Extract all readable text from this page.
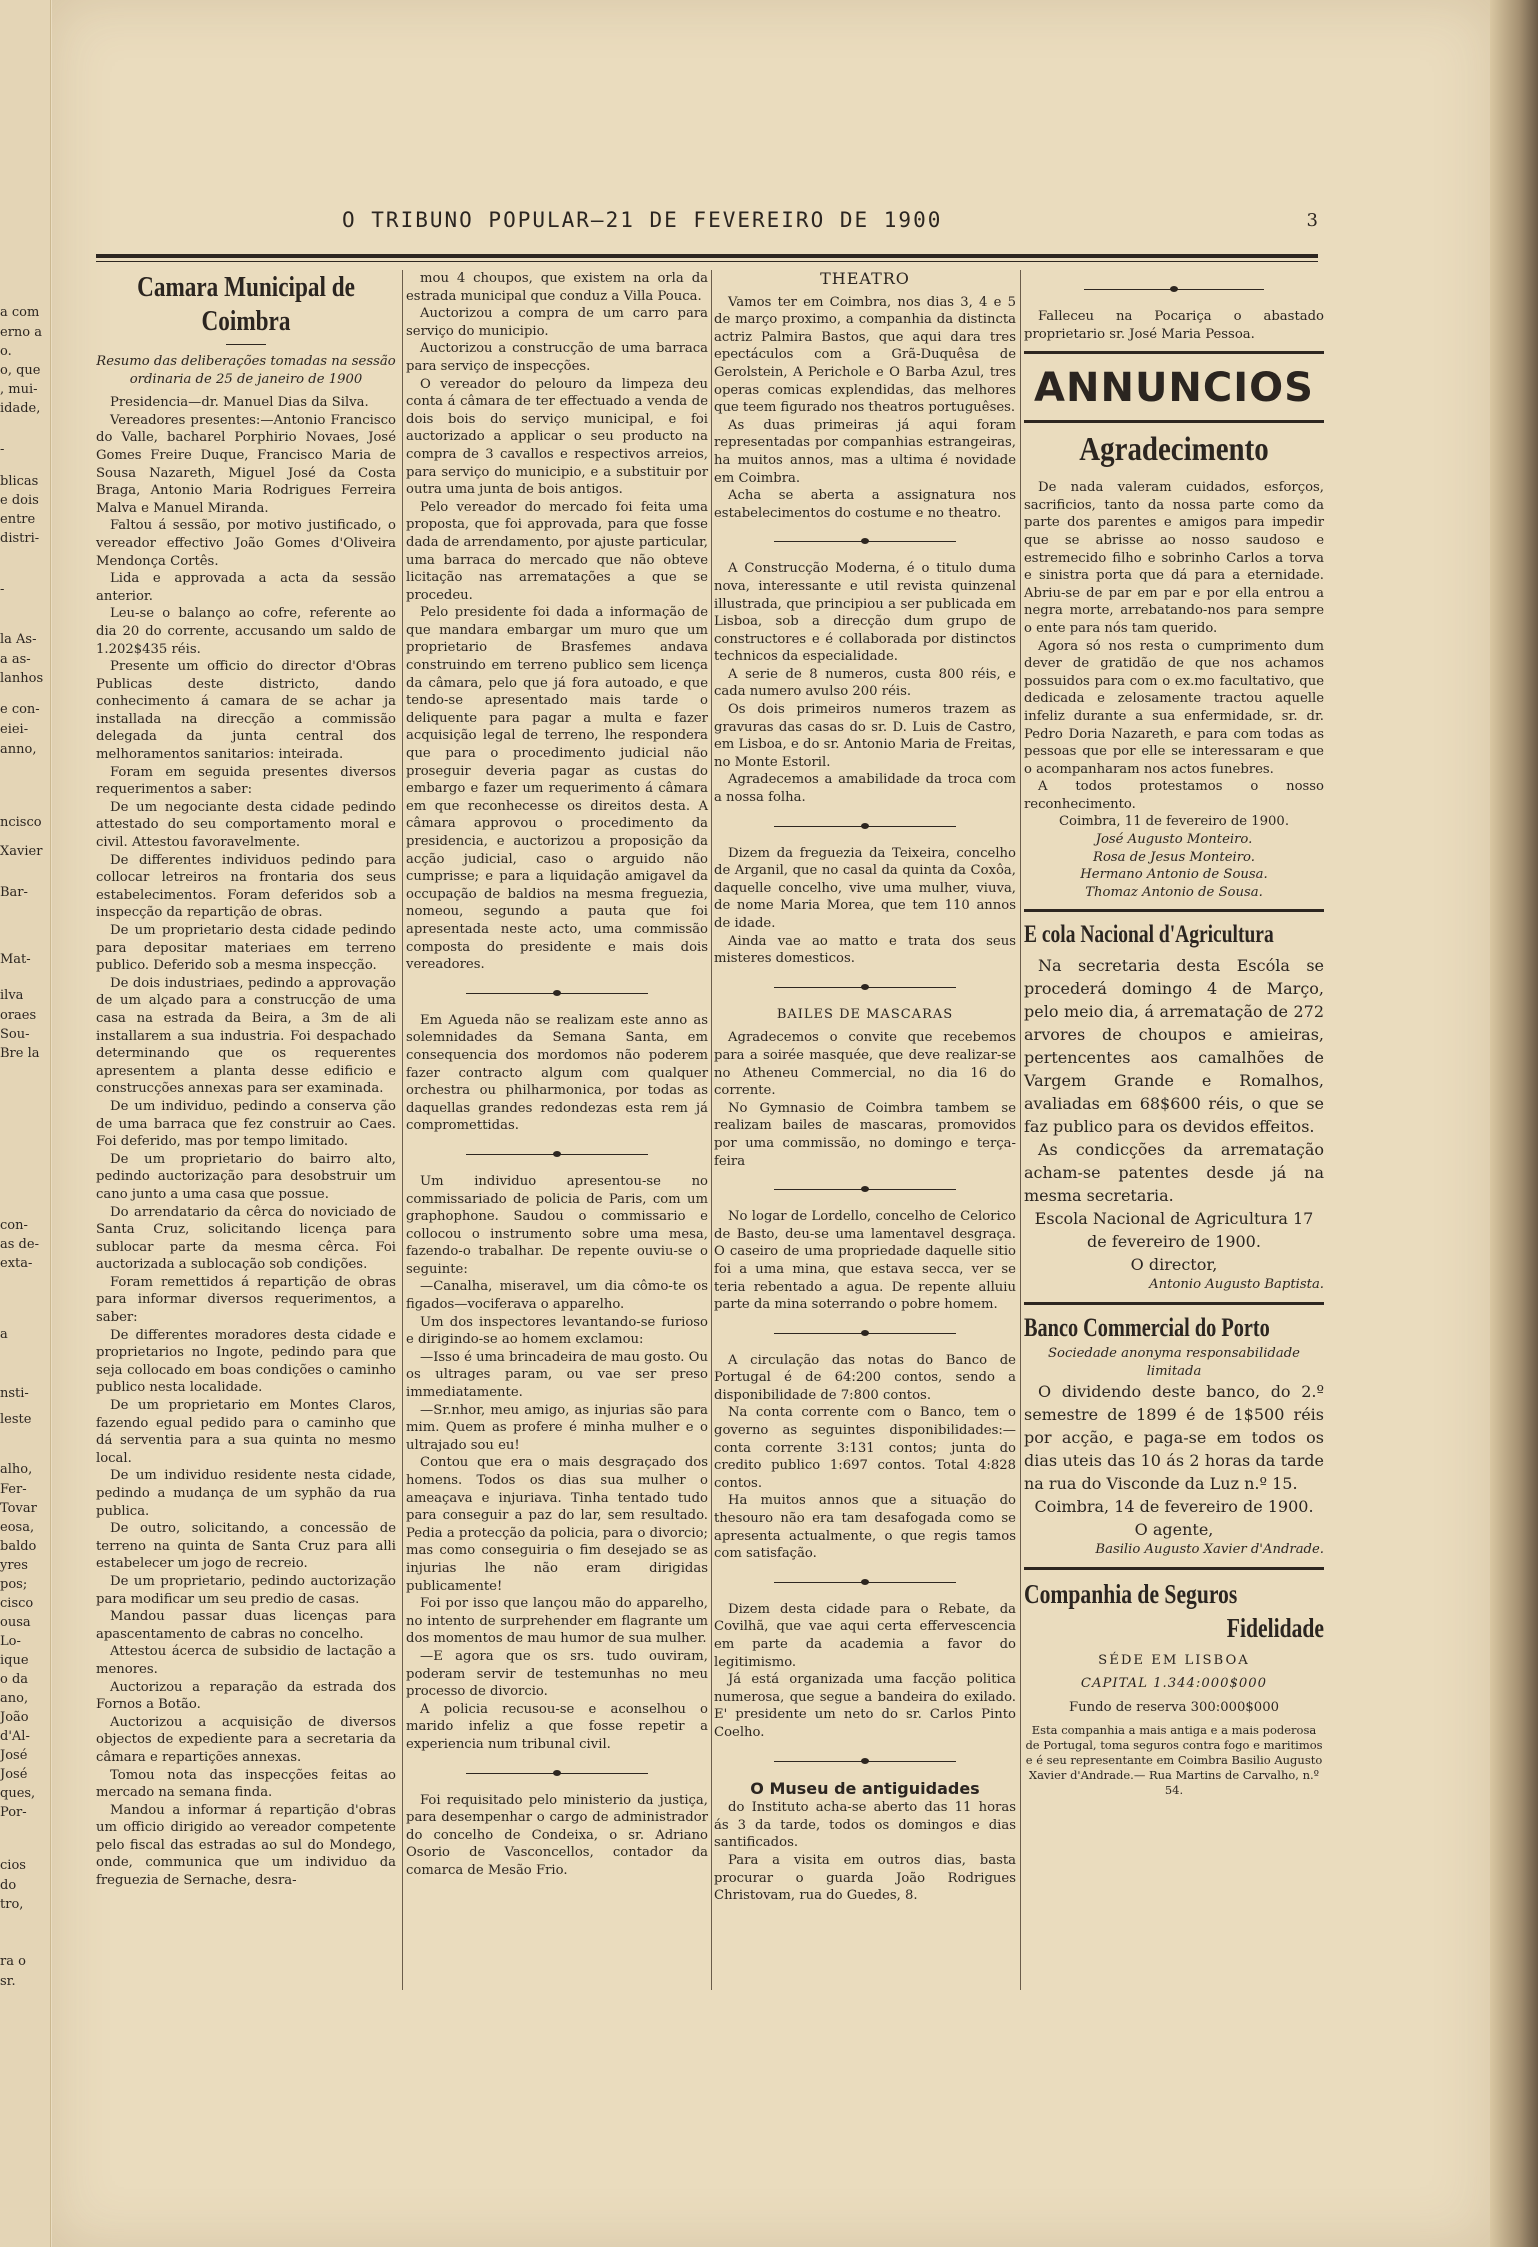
a com
erno a
o.
o, que
, mui-
idade,
-
blicas
e dois
entre
distri-
-
la As-
a as-
lanhos
e con-
eiei-
anno,
ncisco
Xavier
Bar-
Mat-
ilva
oraes
Sou-
Bre la
con-
as de-
exta-
a
nsti-
leste
alho,
Fer-
Tovar
eosa,
baldo
yres
pos;
cisco
ousa
Lo-
ique
o da
ano,
João
d'Al-
José
José
ques,
Por-
cios
do
tro,
ra o
sr.
O TRIBUNO POPULAR—21 DE FEVEREIRO DE 1900	3
Camara Municipal de Coimbra

Resumo das deliberações tomadas na sessão ordinaria de 25 de janeiro de 1900

Presidencia—dr. Manuel Dias da Silva.

Vereadores presentes:—Antonio Francisco do Valle, bacharel Porphirio Novaes, José Gomes Freire Duque, Francisco Maria de Sousa Nazareth, Miguel José da Costa Braga, Antonio Maria Rodrigues Ferreira Malva e Manuel Miranda.

Faltou á sessão, por motivo justificado, o vereador effectivo João Gomes d'Oliveira Mendonça Cortês.

Lida e approvada a acta da sessão anterior.

Leu-se o balanço ao cofre, referente ao dia 20 do corrente, accusando um saldo de 1.202$435 réis.

Presente um officio do director d'Obras Publicas deste districto, dando conhecimento á camara de se achar ja installada na direcção a commissão delegada da junta central dos melhoramentos sanitarios: inteirada.

Foram em seguida presentes diversos requerimentos a saber:

De um negociante desta cidade pedindo attestado do seu comportamento moral e civil. Attestou favoravelmente.

De differentes individuos pedindo para collocar letreiros na frontaria dos seus estabelecimentos. Foram deferidos sob a inspecção da repartição de obras.

De um proprietario desta cidade pedindo para depositar materiaes em terreno publico. Deferido sob a mesma inspecção.

De dois industriaes, pedindo a approvação de um alçado para a construcção de uma casa na estrada da Beira, a 3m de ali installarem a sua industria. Foi despachado determinando que os requerentes apresentem a planta desse edificio e construcções annexas para ser examinada.

De um individuo, pedindo a conserva ção de uma barraca que fez construir ao Caes. Foi deferido, mas por tempo limitado.

De um proprietario do bairro alto, pedindo auctorização para desobstruir um cano junto a uma casa que possue.

Do arrendatario da cêrca do noviciado de Santa Cruz, solicitando licença para sublocar parte da mesma cêrca. Foi auctorizada a sublocação sob condições.

Foram remettidos á repartição de obras para informar diversos requerimentos, a saber:

De differentes moradores desta cidade e proprietarios no Ingote, pedindo para que seja collocado em boas condições o caminho publico nesta localidade.

De um proprietario em Montes Claros, fazendo egual pedido para o caminho que dá serventia para a sua quinta no mesmo local.

De um individuo residente nesta cidade, pedindo a mudança de um syphão da rua publica.

De outro, solicitando, a concessão de terreno na quinta de Santa Cruz para alli estabelecer um jogo de recreio.

De um proprietario, pedindo auctorização para modificar um seu predio de casas.

Mandou passar duas licenças para apascentamento de cabras no concelho.

Attestou ácerca de subsidio de lactação a menores.

Auctorizou a reparação da estrada dos Fornos a Botão.

Auctorizou a acquisição de diversos objectos de expediente para a secretaria da câmara e repartições annexas.

Tomou nota das inspecções feitas ao mercado na semana finda.

Mandou a informar á repartição d'obras um officio dirigido ao vereador competente pelo fiscal das estradas ao sul do Mondego, onde, communica que um individuo da freguezia de Sernache, desra-

mou 4 choupos, que existem na orla da estrada municipal que conduz a Villa Pouca.

Auctorizou a compra de um carro para serviço do municipio.

Auctorizou a construcção de uma barraca para serviço de inspecções.

O vereador do pelouro da limpeza deu conta á câmara de ter effectuado a venda de dois bois do serviço municipal, e foi auctorizado a applicar o seu producto na compra de 3 cavallos e respectivos arreios, para serviço do municipio, e a substituir por outra uma junta de bois antigos.

Pelo vereador do mercado foi feita uma proposta, que foi approvada, para que fosse dada de arrendamento, por ajuste particular, uma barraca do mercado que não obteve licitação nas arrematações a que se procedeu.

Pelo presidente foi dada a informação de que mandara embargar um muro que um proprietario de Brasfemes andava construindo em terreno publico sem licença da câmara, pelo que já fora autoado, e que tendo-se apresentado mais tarde o deliquente para pagar a multa e fazer acquisição legal de terreno, lhe respondera que para o procedimento judicial não proseguir deveria pagar as custas do embargo e fazer um requerimento á câmara em que reconhecesse os direitos desta. A câmara approvou o procedimento da presidencia, e auctorizou a proposição da acção judicial, caso o arguido não cumprisse; e para a liquidação amigavel da occupação de baldios na mesma freguezia, nomeou, segundo a pauta que foi apresentada neste acto, uma commissão composta do presidente e mais dois vereadores.

Em Agueda não se realizam este anno as solemnidades da Semana Santa, em consequencia dos mordomos não poderem fazer contracto algum com qualquer orchestra ou philharmonica, por todas as daquellas grandes redondezas esta rem já compromettidas.

Um individuo apresentou-se no commissariado de policia de Paris, com um graphophone. Saudou o commissario e collocou o instrumento sobre uma mesa, fazendo-o trabalhar. De repente ouviu-se o seguinte:

—Canalha, miseravel, um dia cômo-te os figados—vociferava o apparelho.

Um dos inspectores levantando-se furioso e dirigindo-se ao homem exclamou:

—Isso é uma brincadeira de mau gosto. Ou os ultrages param, ou vae ser preso immediatamente.

—Sr.nhor, meu amigo, as injurias são para mim. Quem as profere é minha mulher e o ultrajado sou eu!

Contou que era o mais desgraçado dos homens. Todos os dias sua mulher o ameaçava e injuriava. Tinha tentado tudo para conseguir a paz do lar, sem resultado. Pedia a protecção da policia, para o divorcio; mas como conseguiria o fim desejado se as injurias lhe não eram dirigidas publicamente!

Foi por isso que lançou mão do apparelho, no intento de surprehender em flagrante um dos momentos de mau humor de sua mulher.

—E agora que os srs. tudo ouviram, poderam servir de testemunhas no meu processo de divorcio.

A policia recusou-se e aconselhou o marido infeliz a que fosse repetir a experiencia num tribunal civil.

Foi requisitado pelo ministerio da justiça, para desempenhar o cargo de administrador do concelho de Condeixa, o sr. Adriano Osorio de Vasconcellos, contador da comarca de Mesão Frio.

THEATRO

Vamos ter em Coimbra, nos dias 3, 4 e 5 de março proximo, a companhia da distincta actriz Palmira Bastos, que aqui dara tres epectáculos com a Grã-Duquêsa de Gerolstein, A Perichole e O Barba Azul, tres operas comicas explendidas, das melhores que teem figurado nos theatros portuguêses.

As duas primeiras já aqui foram representadas por companhias estrangeiras, ha muitos annos, mas a ultima é novidade em Coimbra.

Acha se aberta a assignatura nos estabelecimentos do costume e no theatro.

A Construcção Moderna, é o titulo duma nova, interessante e util revista quinzenal illustrada, que principiou a ser publicada em Lisboa, sob a direcção dum grupo de constructores e é collaborada por distinctos technicos da especialidade.

A serie de 8 numeros, custa 800 réis, e cada numero avulso 200 réis.

Os dois primeiros numeros trazem as gravuras das casas do sr. D. Luis de Castro, em Lisboa, e do sr. Antonio Maria de Freitas, no Monte Estoril.

Agradecemos a amabilidade da troca com a nossa folha.

Dizem da freguezia da Teixeira, concelho de Arganil, que no casal da quinta da Coxôa, daquelle concelho, vive uma mulher, viuva, de nome Maria Morea, que tem 110 annos de idade.

Ainda vae ao matto e trata dos seus misteres domesticos.

BAILES DE MASCARAS

Agradecemos o convite que recebemos para a soirée masquée, que deve realizar-se no Atheneu Commercial, no dia 16 do corrente.

No Gymnasio de Coimbra tambem se realizam bailes de mascaras, promovidos por uma commissão, no domingo e terça-feira

No logar de Lordello, concelho de Celorico de Basto, deu-se uma lamentavel desgraça. O caseiro de uma propriedade daquelle sitio foi a uma mina, que estava secca, ver se teria rebentado a agua. De repente alluiu parte da mina soterrando o pobre homem.

A circulação das notas do Banco de Portugal é de 64:200 contos, sendo a disponibilidade de 7:800 contos.

Na conta corrente com o Banco, tem o governo as seguintes disponibilidades:—conta corrente 3:131 contos; junta do credito publico 1:697 contos. Total 4:828 contos.

Ha muitos annos que a situação do thesouro não era tam desafogada como se apresenta actualmente, o que regis tamos com satisfação.

Dizem desta cidade para o Rebate, da Covilhã, que vae aqui certa effervescencia em parte da academia a favor do legitimismo.

Já está organizada uma facção politica numerosa, que segue a bandeira do exilado. E' presidente um neto do sr. Carlos Pinto Coelho.

O Museu de antiguidades

do Instituto acha-se aberto das 11 horas ás 3 da tarde, todos os domingos e dias santificados.

Para a visita em outros dias, basta procurar o guarda João Rodrigues Christovam, rua do Guedes, 8.

Falleceu na Pocariça o abastado proprietario sr. José Maria Pessoa.

ANNUNCIOS
Agradecimento

De nada valeram cuidados, esforços, sacrificios, tanto da nossa parte como da parte dos parentes e amigos para impedir que se abrisse ao nosso saudoso e estremecido filho e sobrinho Carlos a torva e sinistra porta que dá para a eternidade. Abriu-se de par em par e por ella entrou a negra morte, arrebatando-nos para sempre o ente para nós tam querido.

Agora só nos resta o cumprimento dum dever de gratidão de que nos achamos possuidos para com o ex.mo facultativo, que dedicada e zelosamente tractou aquelle infeliz durante a sua enfermidade, sr. dr. Pedro Doria Nazareth, e para com todas as pessoas que por elle se interessaram e que o acompanharam nos actos funebres.

A todos protestamos o nosso reconhecimento.

Coimbra, 11 de fevereiro de 1900.

José Augusto Monteiro.

Rosa de Jesus Monteiro.

Hermano Antonio de Sousa.

Thomaz Antonio de Sousa.

E cola Nacional d'Agricultura

Na secretaria desta Escóla se procederá domingo 4 de Março, pelo meio dia, á arrematação de 272 arvores de choupos e amieiras, pertencentes aos camalhões de Vargem Grande e Romalhos, avaliadas em 68$600 réis, o que se faz publico para os devidos effeitos.

As condicções da arrematação acham-se patentes desde já na mesma secretaria.

Escola Nacional de Agricultura 17 de fevereiro de 1900.

O director,

Antonio Augusto Baptista.

Banco Commercial do Porto

Sociedade anonyma responsabilidade limitada

O dividendo deste banco, do 2.º semestre de 1899 é de 1$500 réis por acção, e paga-se em todos os dias uteis das 10 ás 2 horas da tarde na rua do Visconde da Luz n.º 15.

Coimbra, 14 de fevereiro de 1900.

O agente,

Basilio Augusto Xavier d'Andrade.

Companhia de Seguros
Fidelidade

SÉDE EM LISBOA

CAPITAL 1.344:000$000

Fundo de reserva 300:000$000

Esta companhia a mais antiga e a mais poderosa de Portugal, toma seguros contra fogo e maritimos e é seu representante em Coimbra Basilio Augusto Xavier d'Andrade.— Rua Martins de Carvalho, n.º 54.
